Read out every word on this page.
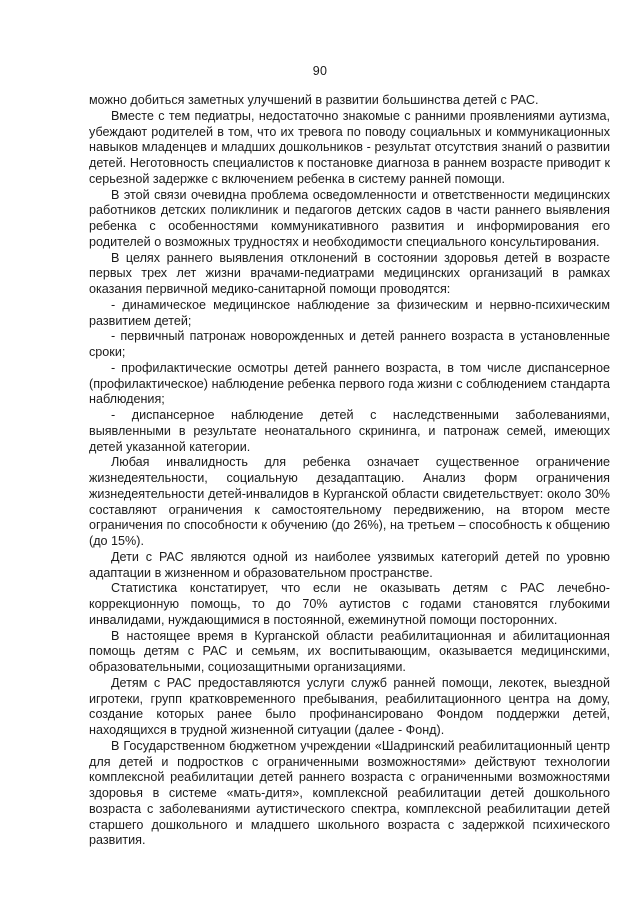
90

можно добиться заметных улучшений в развитии большинства детей с РАС.

Вместе с тем педиатры, недостаточно знакомые с ранними проявлениями аутизма, убеждают родителей в том, что их тревога по поводу социальных и коммуникационных навыков младенцев и младших дошкольников - результат отсутствия знаний о развитии детей. Неготовность специалистов к постановке диагноза в раннем возрасте приводит к серьезной задержке с включением ребенка в систему ранней помощи.

В этой связи очевидна проблема осведомленности и ответственности медицинских работников детских поликлиник и педагогов детских садов в части раннего выявления ребенка с особенностями коммуникативного развития и информирования его родителей о возможных трудностях и необходимости специального консультирования.

В целях раннего выявления отклонений в состоянии здоровья детей в возрасте первых трех лет жизни врачами-педиатрами медицинских организаций в рамках оказания первичной медико-санитарной помощи проводятся:

- динамическое медицинское наблюдение за физическим и нервно-психическим развитием детей;

- первичный патронаж новорожденных и детей раннего возраста в установленные сроки;

- профилактические осмотры детей раннего возраста, в том числе диспансерное (профилактическое) наблюдение ребенка первого года жизни с соблюдением стандарта наблюдения;

- диспансерное наблюдение детей с наследственными заболеваниями, выявленными в результате неонатального скрининга, и патронаж семей, имеющих детей указанной категории.

Любая инвалидность для ребенка означает существенное ограничение жизнедеятельности, социальную дезадаптацию. Анализ форм ограничения жизнедеятельности детей-инвалидов в Курганской области свидетельствует: около 30% составляют ограничения к самостоятельному передвижению, на втором месте ограничения по способности к обучению (до 26%), на третьем – способность к общению (до 15%).

Дети с РАС являются одной из наиболее уязвимых категорий детей по уровню адаптации в жизненном и образовательном пространстве.

Статистика констатирует, что если не оказывать детям с РАС лечебно-коррекционную помощь, то до 70% аутистов с годами становятся глубокими инвалидами, нуждающимися в постоянной, ежеминутной помощи посторонних.

В настоящее время в Курганской области реабилитационная и абилитационная помощь детям с РАС и семьям, их воспитывающим, оказывается медицинскими, образовательными, социозащитными организациями.

Детям с РАС предоставляются услуги служб ранней помощи, лекотек, выездной игротеки, групп кратковременного пребывания, реабилитационного центра на дому, создание которых ранее было профинансировано Фондом поддержки детей, находящихся в трудной жизненной ситуации (далее - Фонд).

В Государственном бюджетном учреждении «Шадринский реабилитационный центр для детей и подростков с ограниченными возможностями» действуют технологии комплексной реабилитации детей раннего возраста с ограниченными возможностями здоровья в системе «мать-дитя», комплексной реабилитации детей дошкольного возраста с заболеваниями аутистического спектра, комплексной реабилитации детей старшего дошкольного и младшего школьного возраста с задержкой психического развития.
